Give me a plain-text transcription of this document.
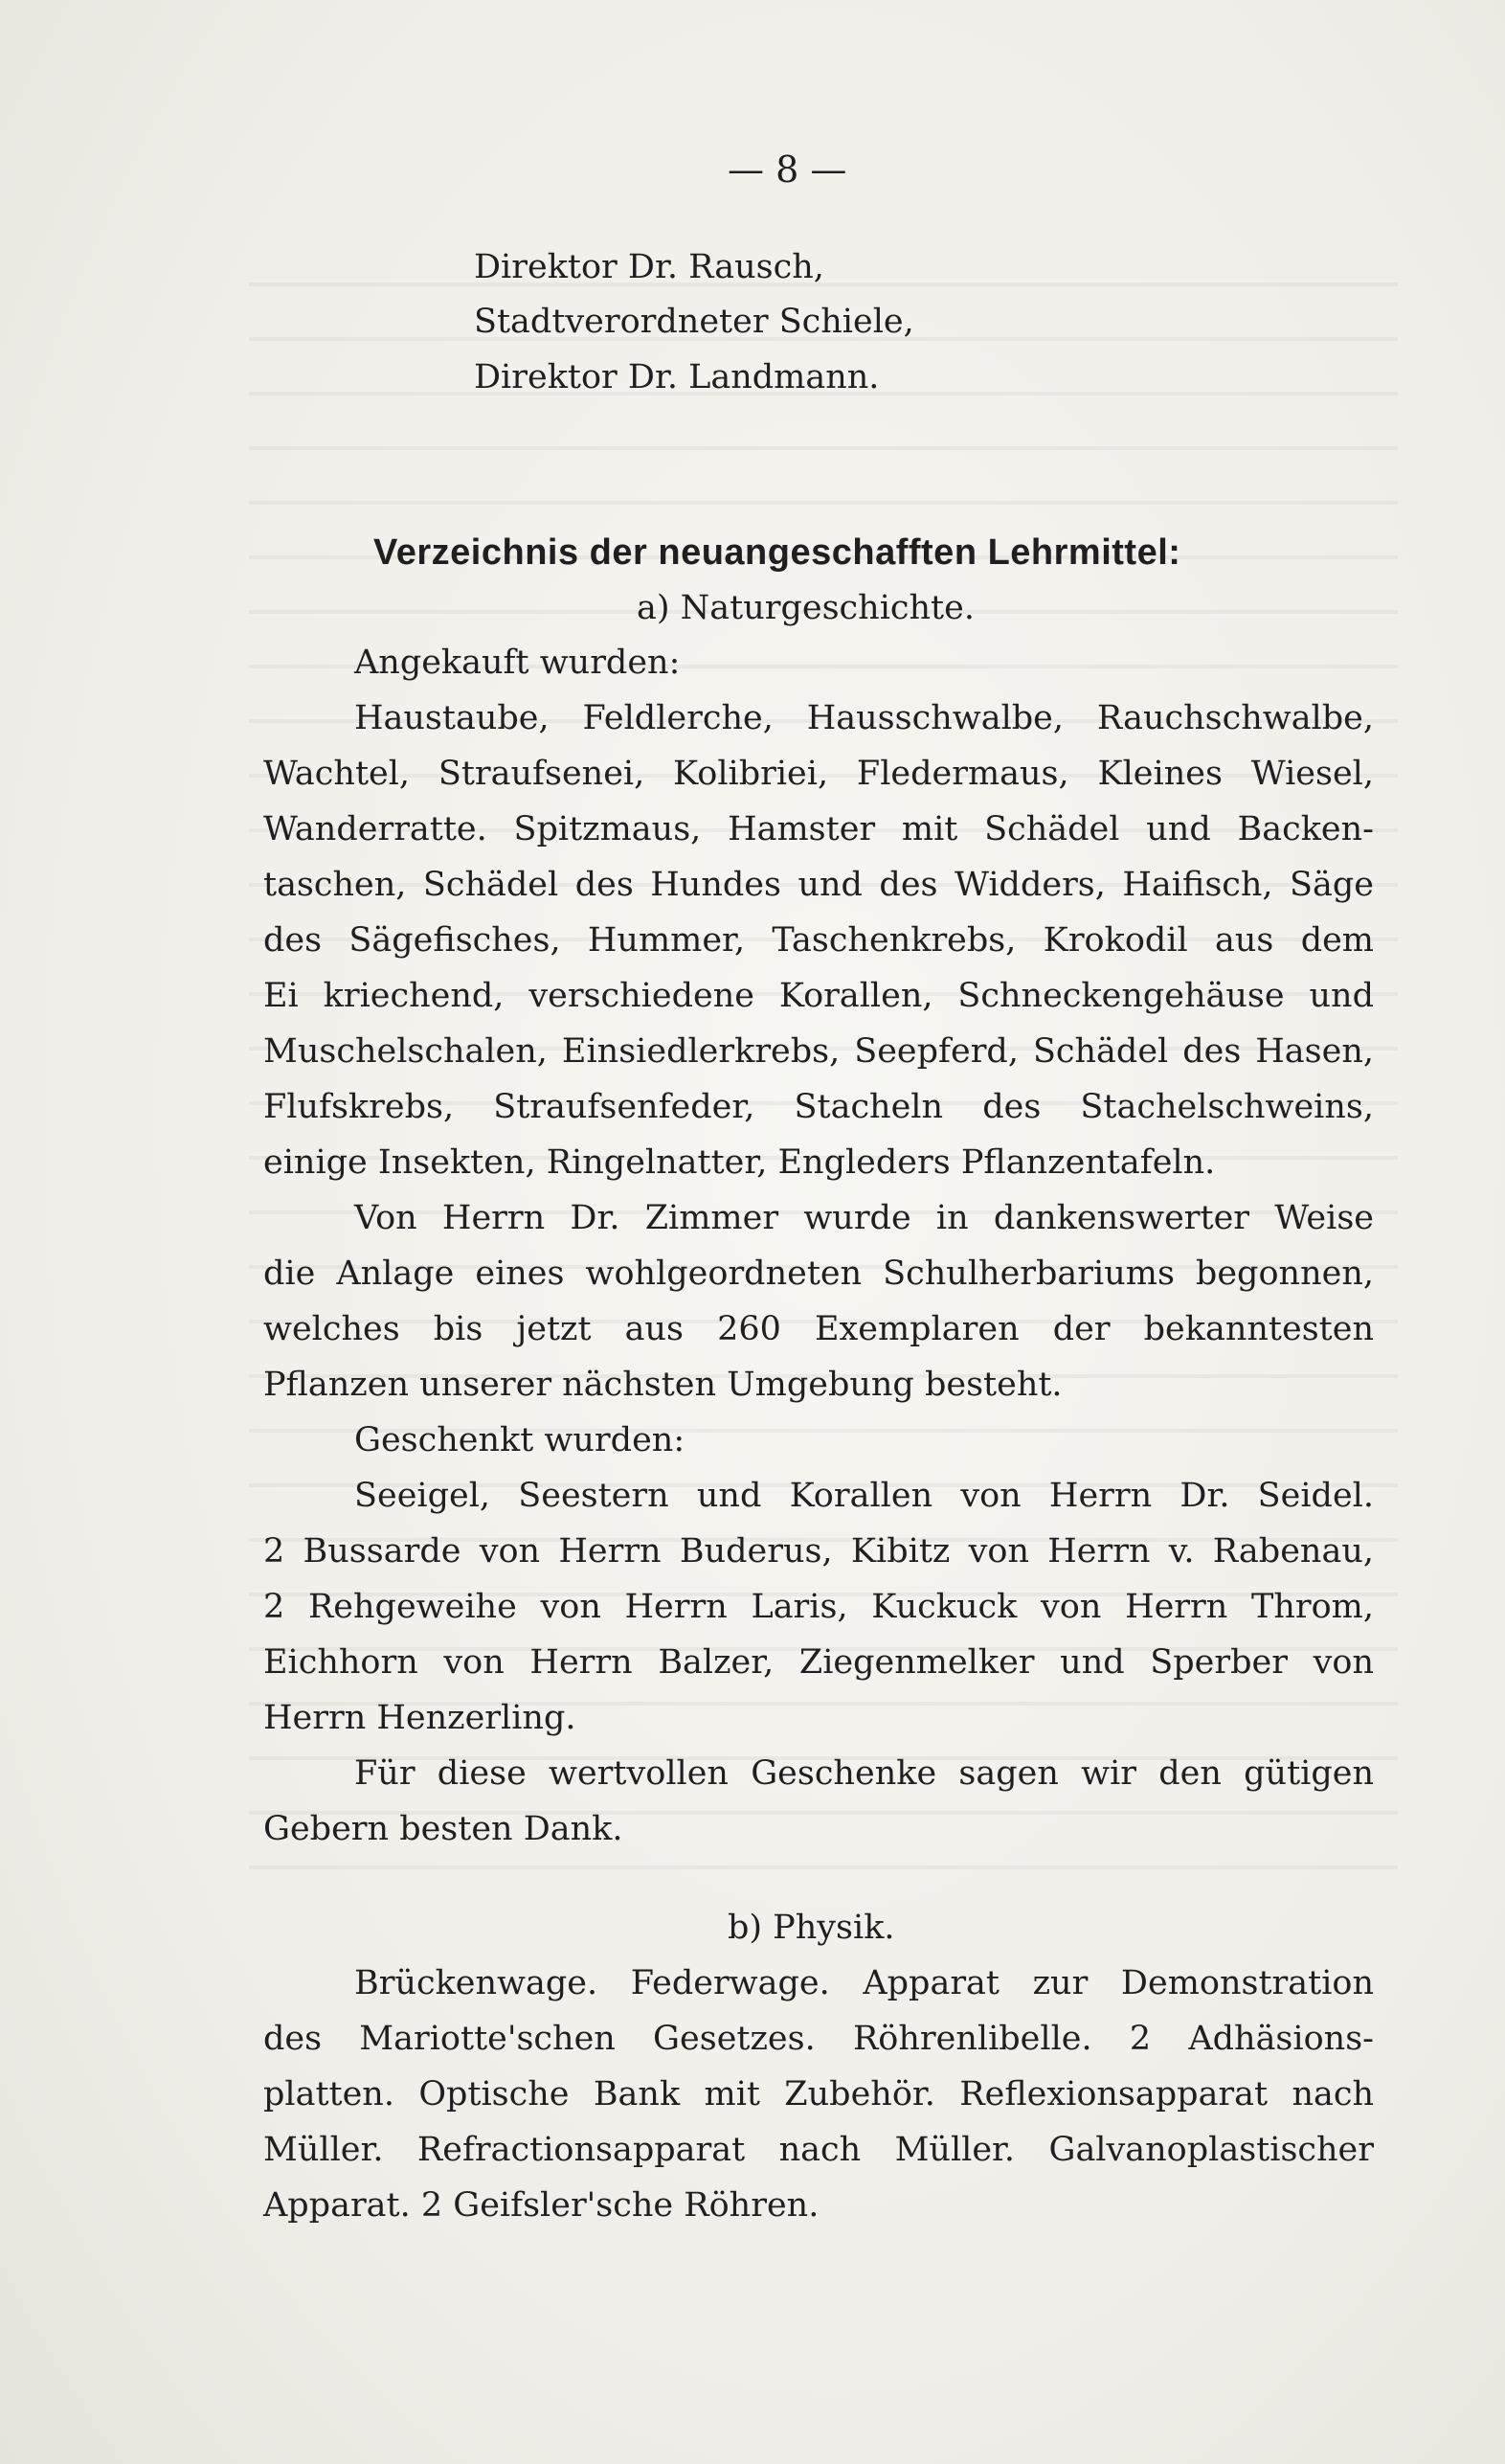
— 8 —
Direktor Dr. Rausch,
Stadtverordneter Schiele,
Direktor Dr. Landmann.
Verzeichnis der neuangeschafften Lehrmittel:
a) Naturgeschichte.
Angekauft wurden:
Haustaube, Feldlerche, Hausschwalbe, Rauchschwalbe,
Wachtel, Straufsenei, Kolibriei, Fledermaus, Kleines Wiesel,
Wanderratte. Spitzmaus, Hamster mit Schädel und Backen-
taschen, Schädel des Hundes und des Widders, Haifisch, Säge
des Sägefisches, Hummer, Taschenkrebs, Krokodil aus dem
Ei kriechend, verschiedene Korallen, Schneckengehäuse und
Muschelschalen, Einsiedlerkrebs, Seepferd, Schädel des Hasen,
Flufskrebs, Straufsenfeder, Stacheln des Stachelschweins,
einige Insekten, Ringelnatter, Engleders Pflanzentafeln.
Von Herrn Dr. Zimmer wurde in dankenswerter Weise
die Anlage eines wohlgeordneten Schulherbariums begonnen,
welches bis jetzt aus 260 Exemplaren der bekanntesten
Pflanzen unserer nächsten Umgebung besteht.
Geschenkt wurden:
Seeigel, Seestern und Korallen von Herrn Dr. Seidel.
2 Bussarde von Herrn Buderus, Kibitz von Herrn v. Rabenau,
2 Rehgeweihe von Herrn Laris, Kuckuck von Herrn Throm,
Eichhorn von Herrn Balzer, Ziegenmelker und Sperber von
Herrn Henzerling.
Für diese wertvollen Geschenke sagen wir den gütigen
Gebern besten Dank.
b) Physik.
Brückenwage. Federwage. Apparat zur Demonstration
des Mariotte'schen Gesetzes. Röhrenlibelle. 2 Adhäsions-
platten. Optische Bank mit Zubehör. Reflexionsapparat nach
Müller. Refractionsapparat nach Müller. Galvanoplastischer
Apparat. 2 Geifsler'sche Röhren.
